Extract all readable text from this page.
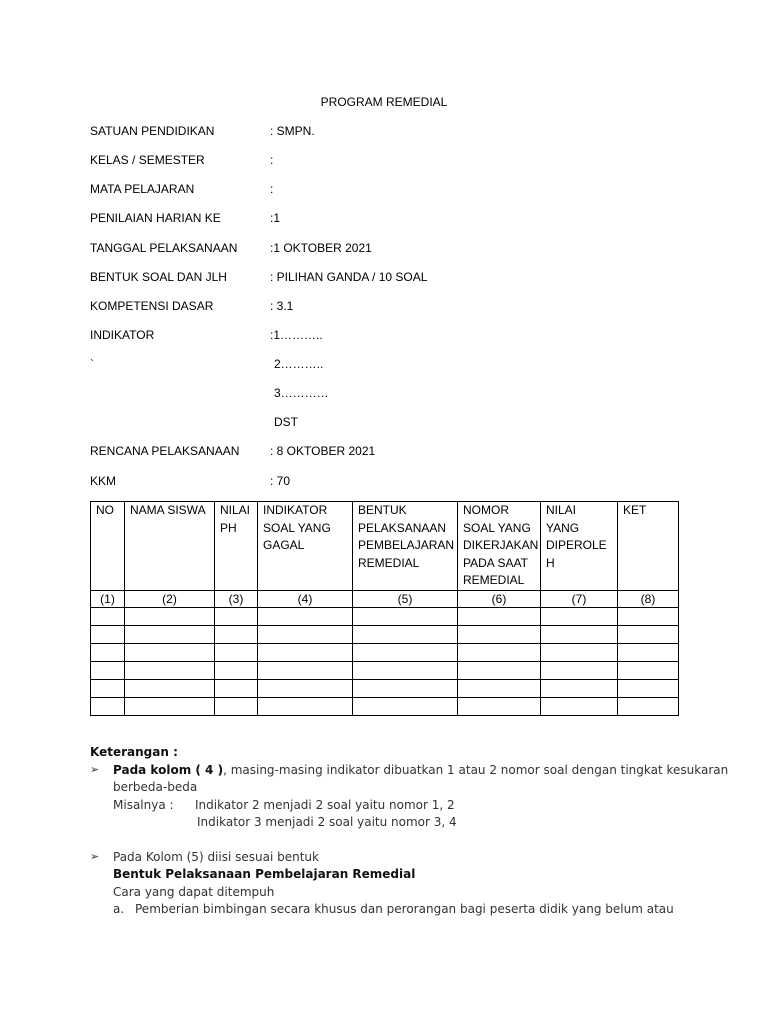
PROGRAM REMEDIAL
SATUAN PENDIDIKAN	: SMPN.
KELAS / SEMESTER	:
MATA PELAJARAN	:
PENILAIAN HARIAN KE	:1
TANGGAL PELAKSANAAN	:1 OKTOBER 2021
BENTUK SOAL DAN JLH	: PILIHAN GANDA / 10 SOAL
KOMPETENSI DASAR	: 3.1
INDIKATOR	:1………..
`	2………..
3…………
DST
RENCANA PELAKSANAAN	: 8 OKTOBER 2021
KKM	: 70
NO	NAMA SISWA	NILAI PH	INDIKATOR SOAL YANG GAGAL	BENTUK PELAKSANAAN PEMBELAJARAN REMEDIAL	NOMOR SOAL YANG DIKERJAKAN PADA SAAT REMEDIAL	NILAI YANG DIPEROLE H	KET
(1)	(2)	(3)	(4)	(5)	(6)	(7)	(8)

Keterangan :
➢ Pada kolom ( 4 ), masing-masing indikator dibuatkan 1 atau 2 nomor soal dengan tingkat kesukaran
berbeda-beda
Misalnya : Indikator 2 menjadi 2 soal yaitu nomor 1, 2
Indikator 3 menjadi 2 soal yaitu nomor 3, 4
➢ Pada Kolom (5) diisi sesuai bentuk
Bentuk Pelaksanaan Pembelajaran Remedial
Cara yang dapat ditempuh
a. Pemberian bimbingan secara khusus dan perorangan bagi peserta didik yang belum atau
